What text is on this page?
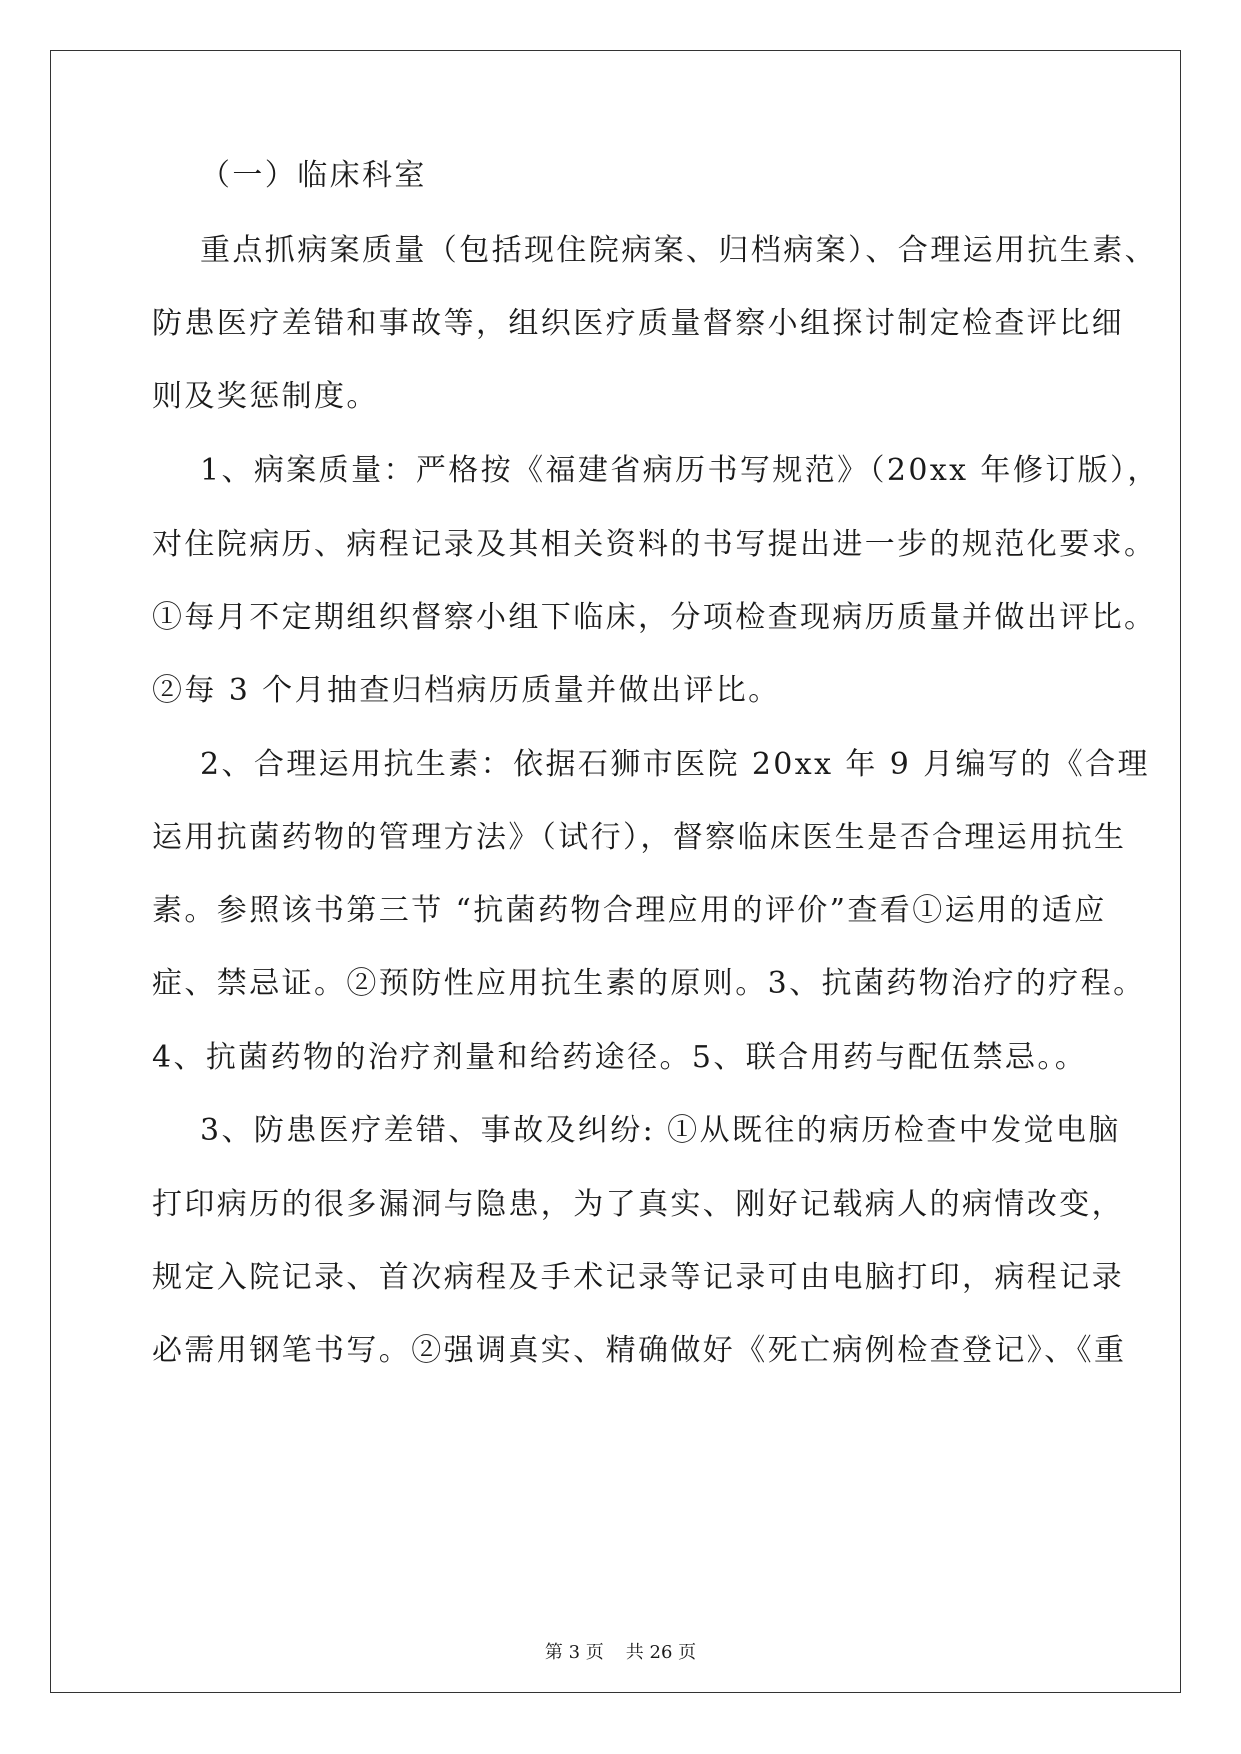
（一）临床科室
重点抓病案质量（包括现住院病案、归档病案）、合理运用抗生素、
防患医疗差错和事故等，组织医疗质量督察小组探讨制定检查评比细
则及奖惩制度。
1、病案质量：严格按《福建省病历书写规范》（20xx 年修订版），
对住院病历、病程记录及其相关资料的书写提出进一步的规范化要求。
①每月不定期组织督察小组下临床，分项检查现病历质量并做出评比。
②每 3 个月抽查归档病历质量并做出评比。
2、合理运用抗生素：依据石狮市医院 20xx 年 9 月编写的《合理
运用抗菌药物的管理方法》（试行），督察临床医生是否合理运用抗生
素。参照该书第三节 “抗菌药物合理应用的评价”查看①运用的适应
症、禁忌证。②预防性应用抗生素的原则。3、抗菌药物治疗的疗程。
4、抗菌药物的治疗剂量和给药途径。5、联合用药与配伍禁忌。。
3、防患医疗差错、事故及纠纷: ①从既往的病历检查中发觉电脑
打印病历的很多漏洞与隐患，为了真实、刚好记载病人的病情改变，
规定入院记录、首次病程及手术记录等记录可由电脑打印，病程记录
必需用钢笔书写。②强调真实、精确做好《死亡病例检查登记》、《重
第 3 页 共 26 页
